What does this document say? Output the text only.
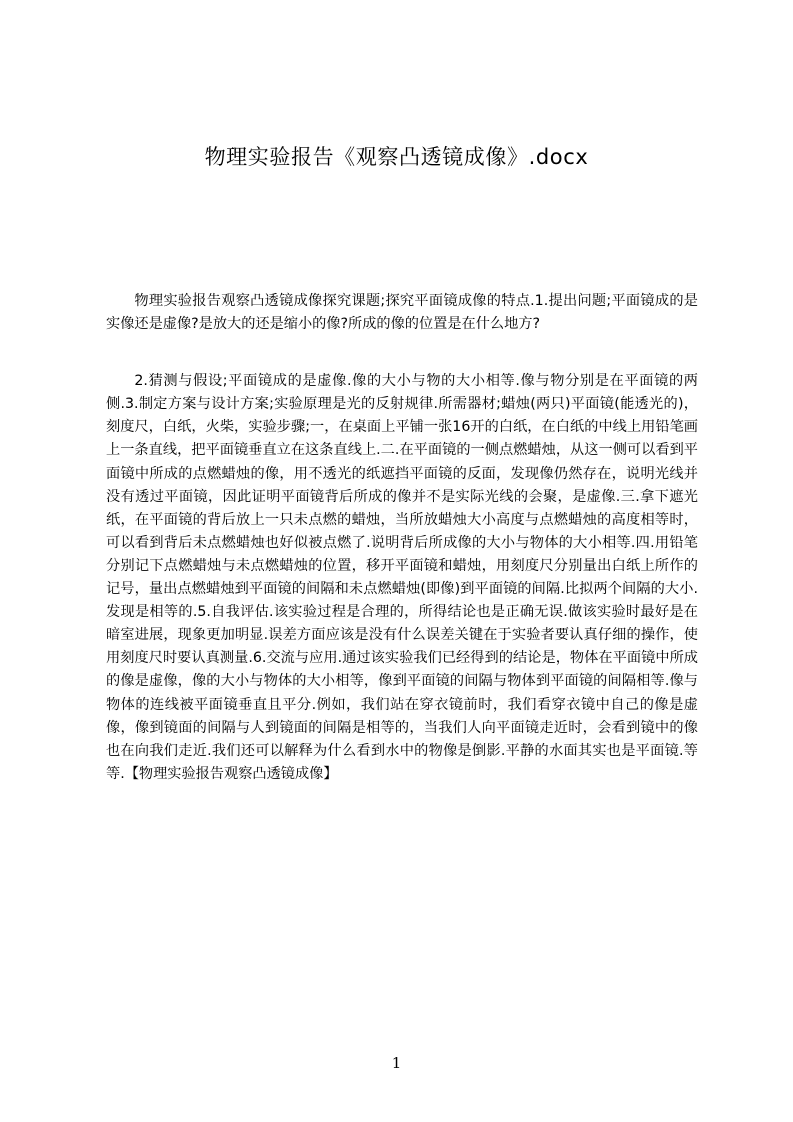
物理实验报告《观察凸透镜成像》.docx

物理实验报告观察凸透镜成像探究课题;探究平面镜成像的特点.1.提出问题;平面镜成的是实像还是虚像?是放大的还是缩小的像?所成的像的位置是在什么地方?

2.猜测与假设;平面镜成的是虚像.像的大小与物的大小相等.像与物分别是在平面镜的两侧.3.制定方案与设计方案;实验原理是光的反射规律.所需器材;蜡烛(两只)平面镜(能透光的)，刻度尺，白纸，火柴，实验步骤;一，在桌面上平铺一张16开的白纸，在白纸的中线上用铅笔画上一条直线，把平面镜垂直立在这条直线上.二.在平面镜的一侧点燃蜡烛，从这一侧可以看到平面镜中所成的点燃蜡烛的像，用不透光的纸遮挡平面镜的反面，发现像仍然存在，说明光线并没有透过平面镜，因此证明平面镜背后所成的像并不是实际光线的会聚，是虚像.三.拿下遮光纸，在平面镜的背后放上一只未点燃的蜡烛，当所放蜡烛大小高度与点燃蜡烛的高度相等时，可以看到背后未点燃蜡烛也好似被点燃了.说明背后所成像的大小与物体的大小相等.四.用铅笔分别记下点燃蜡烛与未点燃蜡烛的位置，移开平面镜和蜡烛，用刻度尺分别量出白纸上所作的记号，量出点燃蜡烛到平面镜的间隔和未点燃蜡烛(即像)到平面镜的间隔.比拟两个间隔的大小.发现是相等的.5.自我评估.该实验过程是合理的，所得结论也是正确无误.做该实验时最好是在暗室进展，现象更加明显.误差方面应该是没有什么误差关键在于实验者要认真仔细的操作，使用刻度尺时要认真测量.6.交流与应用.通过该实验我们已经得到的结论是，物体在平面镜中所成的像是虚像，像的大小与物体的大小相等，像到平面镜的间隔与物体到平面镜的间隔相等.像与物体的连线被平面镜垂直且平分.例如，我们站在穿衣镜前时，我们看穿衣镜中自己的像是虚像，像到镜面的间隔与人到镜面的间隔是相等的，当我们人向平面镜走近时，会看到镜中的像也在向我们走近.我们还可以解释为什么看到水中的物像是倒影.平静的水面其实也是平面镜.等等.【物理实验报告观察凸透镜成像】

1
